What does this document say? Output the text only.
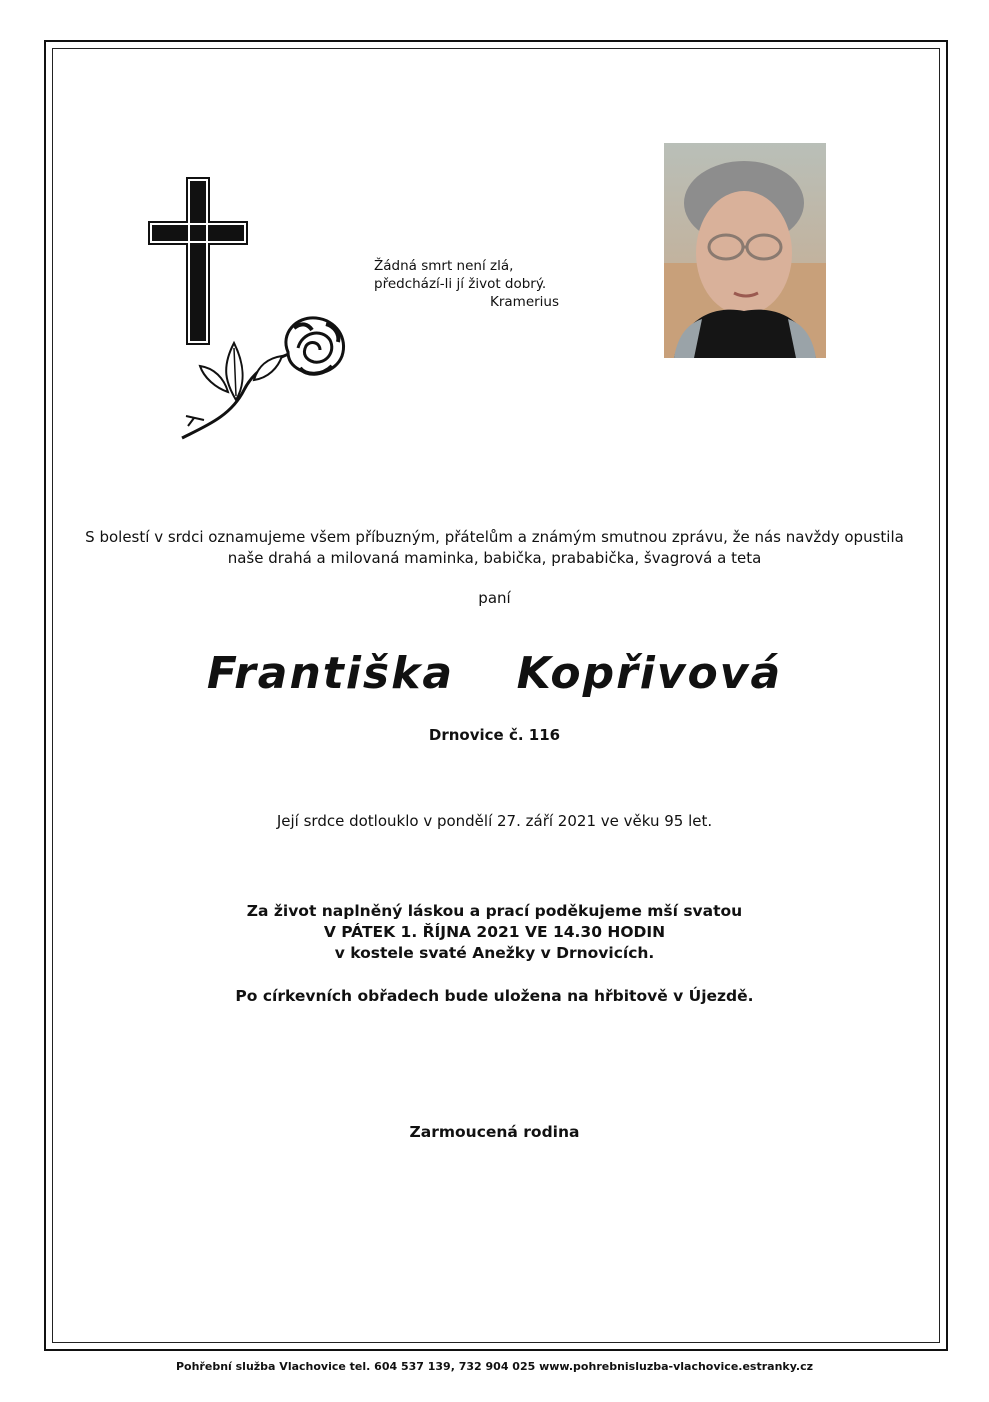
Žádná smrt není zlá,
předchází-li jí život dobrý.
Kramerius
S bolestí v srdci oznamujeme všem příbuzným, přátelům a známým smutnou zprávu, že nás navždy opustila
naše drahá a milovaná maminka, babička, prababička, švagrová a teta
paní
Františka  Kopřivová
Drnovice č. 116
Její srdce dotlouklo v pondělí 27. září 2021 ve věku 95 let.
Za život naplněný láskou a prací poděkujeme mší svatou
V PÁTEK 1. ŘÍJNA 2021 VE 14.30 HODIN
v kostele svaté Anežky v Drnovicích.
Po církevních obřadech bude uložena na hřbitově v Újezdě.
Zarmoucená rodina
Pohřební služba Vlachovice tel. 604 537 139, 732 904 025 www.pohrebnisluzba-vlachovice.estranky.cz
